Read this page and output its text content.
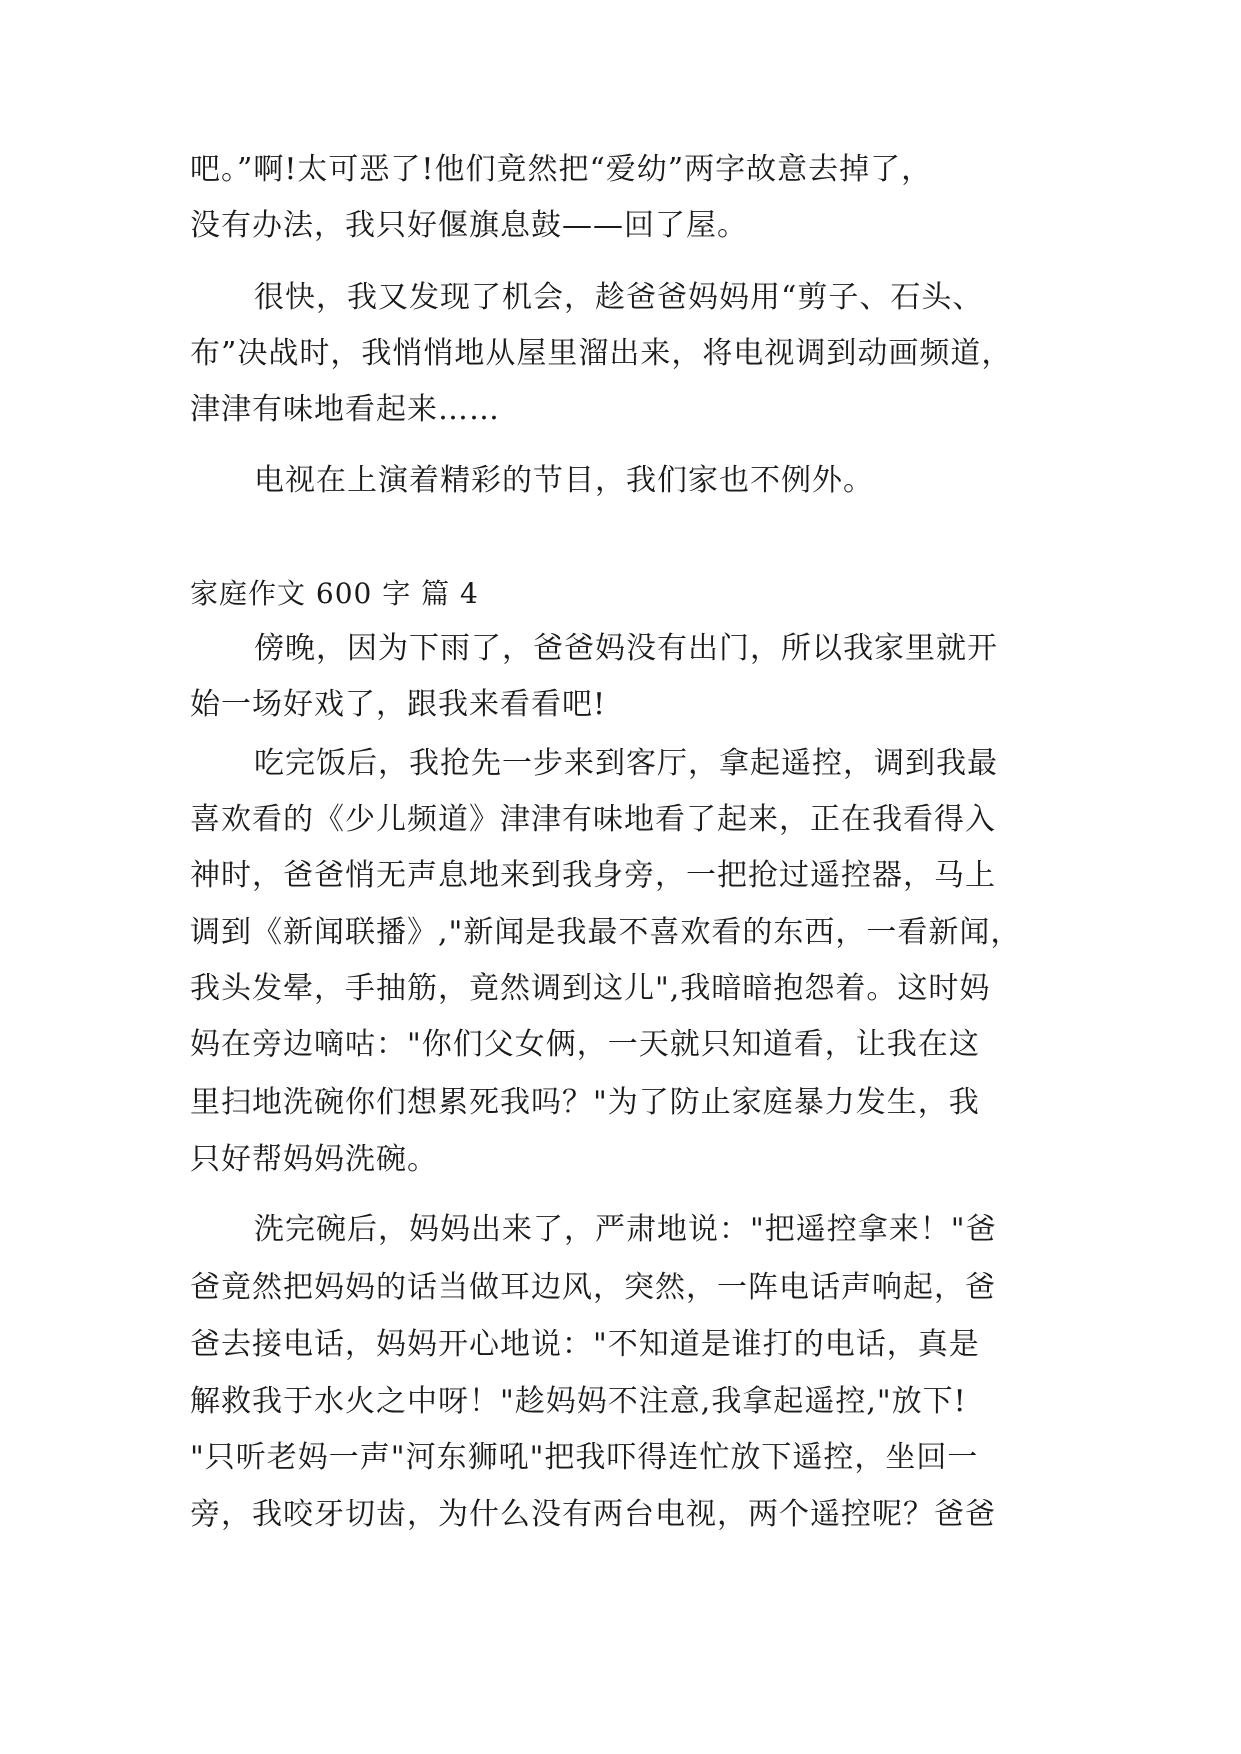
吧。”啊!太可恶了!他们竟然把“爱幼”两字故意去掉了，
没有办法，我只好偃旗息鼓——回了屋。
很快，我又发现了机会，趁爸爸妈妈用“剪子、石头、
布”决战时，我悄悄地从屋里溜出来，将电视调到动画频道，
津津有味地看起来……
电视在上演着精彩的节目，我们家也不例外。
家庭作文 600 字 篇 4
傍晚，因为下雨了，爸爸妈没有出门，所以我家里就开
始一场好戏了，跟我来看看吧!
吃完饭后，我抢先一步来到客厅，拿起遥控，调到我最
喜欢看的《少儿频道》津津有味地看了起来，正在我看得入
神时，爸爸悄无声息地来到我身旁，一把抢过遥控器，马上
调到《新闻联播》,"新闻是我最不喜欢看的东西，一看新闻，
我头发晕，手抽筋，竟然调到这儿",我暗暗抱怨着。这时妈
妈在旁边嘀咕："你们父女俩，一天就只知道看，让我在这
里扫地洗碗你们想累死我吗？"为了防止家庭暴力发生，我
只好帮妈妈洗碗。
洗完碗后，妈妈出来了，严肃地说："把遥控拿来！"爸
爸竟然把妈妈的话当做耳边风，突然，一阵电话声响起，爸
爸去接电话，妈妈开心地说："不知道是谁打的电话，真是
解救我于水火之中呀！"趁妈妈不注意,我拿起遥控,"放下!
"只听老妈一声"河东狮吼"把我吓得连忙放下遥控，坐回一
旁，我咬牙切齿，为什么没有两台电视，两个遥控呢？爸爸
